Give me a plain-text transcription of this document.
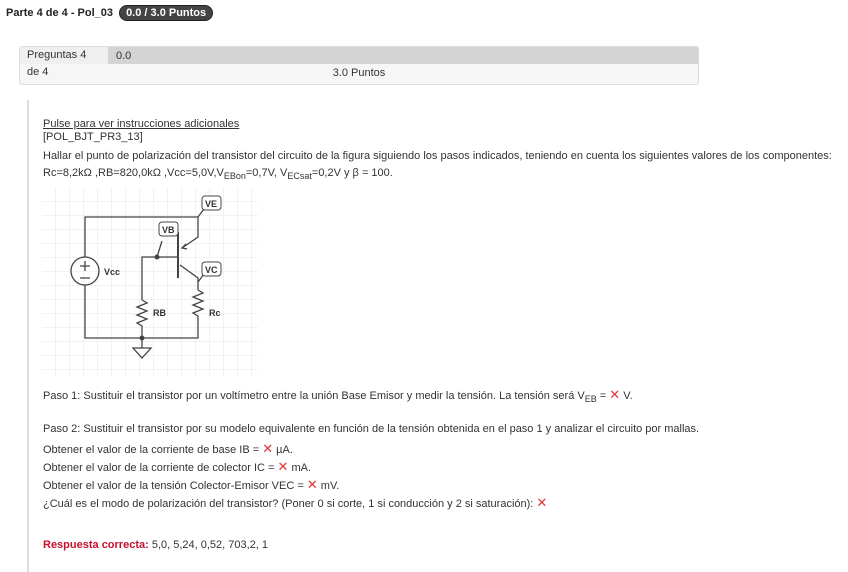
Parte 4 de 4 - Pol_03 0.0 / 3.0 Puntos
Preguntas 4 de 4
0.0
3.0 Puntos
Pulse para ver instrucciones adicionales
[POL_BJT_PR3_13]
Hallar el punto de polarización del transistor del circuito de la figura siguiendo los pasos indicados, teniendo en cuenta los siguientes valores de los componentes:
Rc=8,2kΩ ,RB=820,0kΩ $,Vcc=5,0V,V_{EBon}=0,7V$, $V_{ECsat}=0,2V$ y β = 100.
VE
VB
VC
Vcc
RB	Rc
Paso 1: Sustituir el transistor por un voltímetro entre la unión Base Emisor y medir la tensión. La tensión será $V_{EB}$ = ✕ V.
Paso 2: Sustituir el transistor por su modelo equivalente en función de la tensión obtenida en el paso 1 y analizar el circuito por mallas.
Obtener el valor de la corriente de base IB = ✕ µA.
Obtener el valor de la corriente de colector IC = ✕ mA.
Obtener el valor de la tensión Colector-Emisor VEC = ✕ mV.
¿Cuál es el modo de polarización del transistor? (Poner 0 si corte, 1 si conducción y 2 si saturación): ✕
Respuesta correcta: 5,0, 5,24, 0,52, 703,2, 1
